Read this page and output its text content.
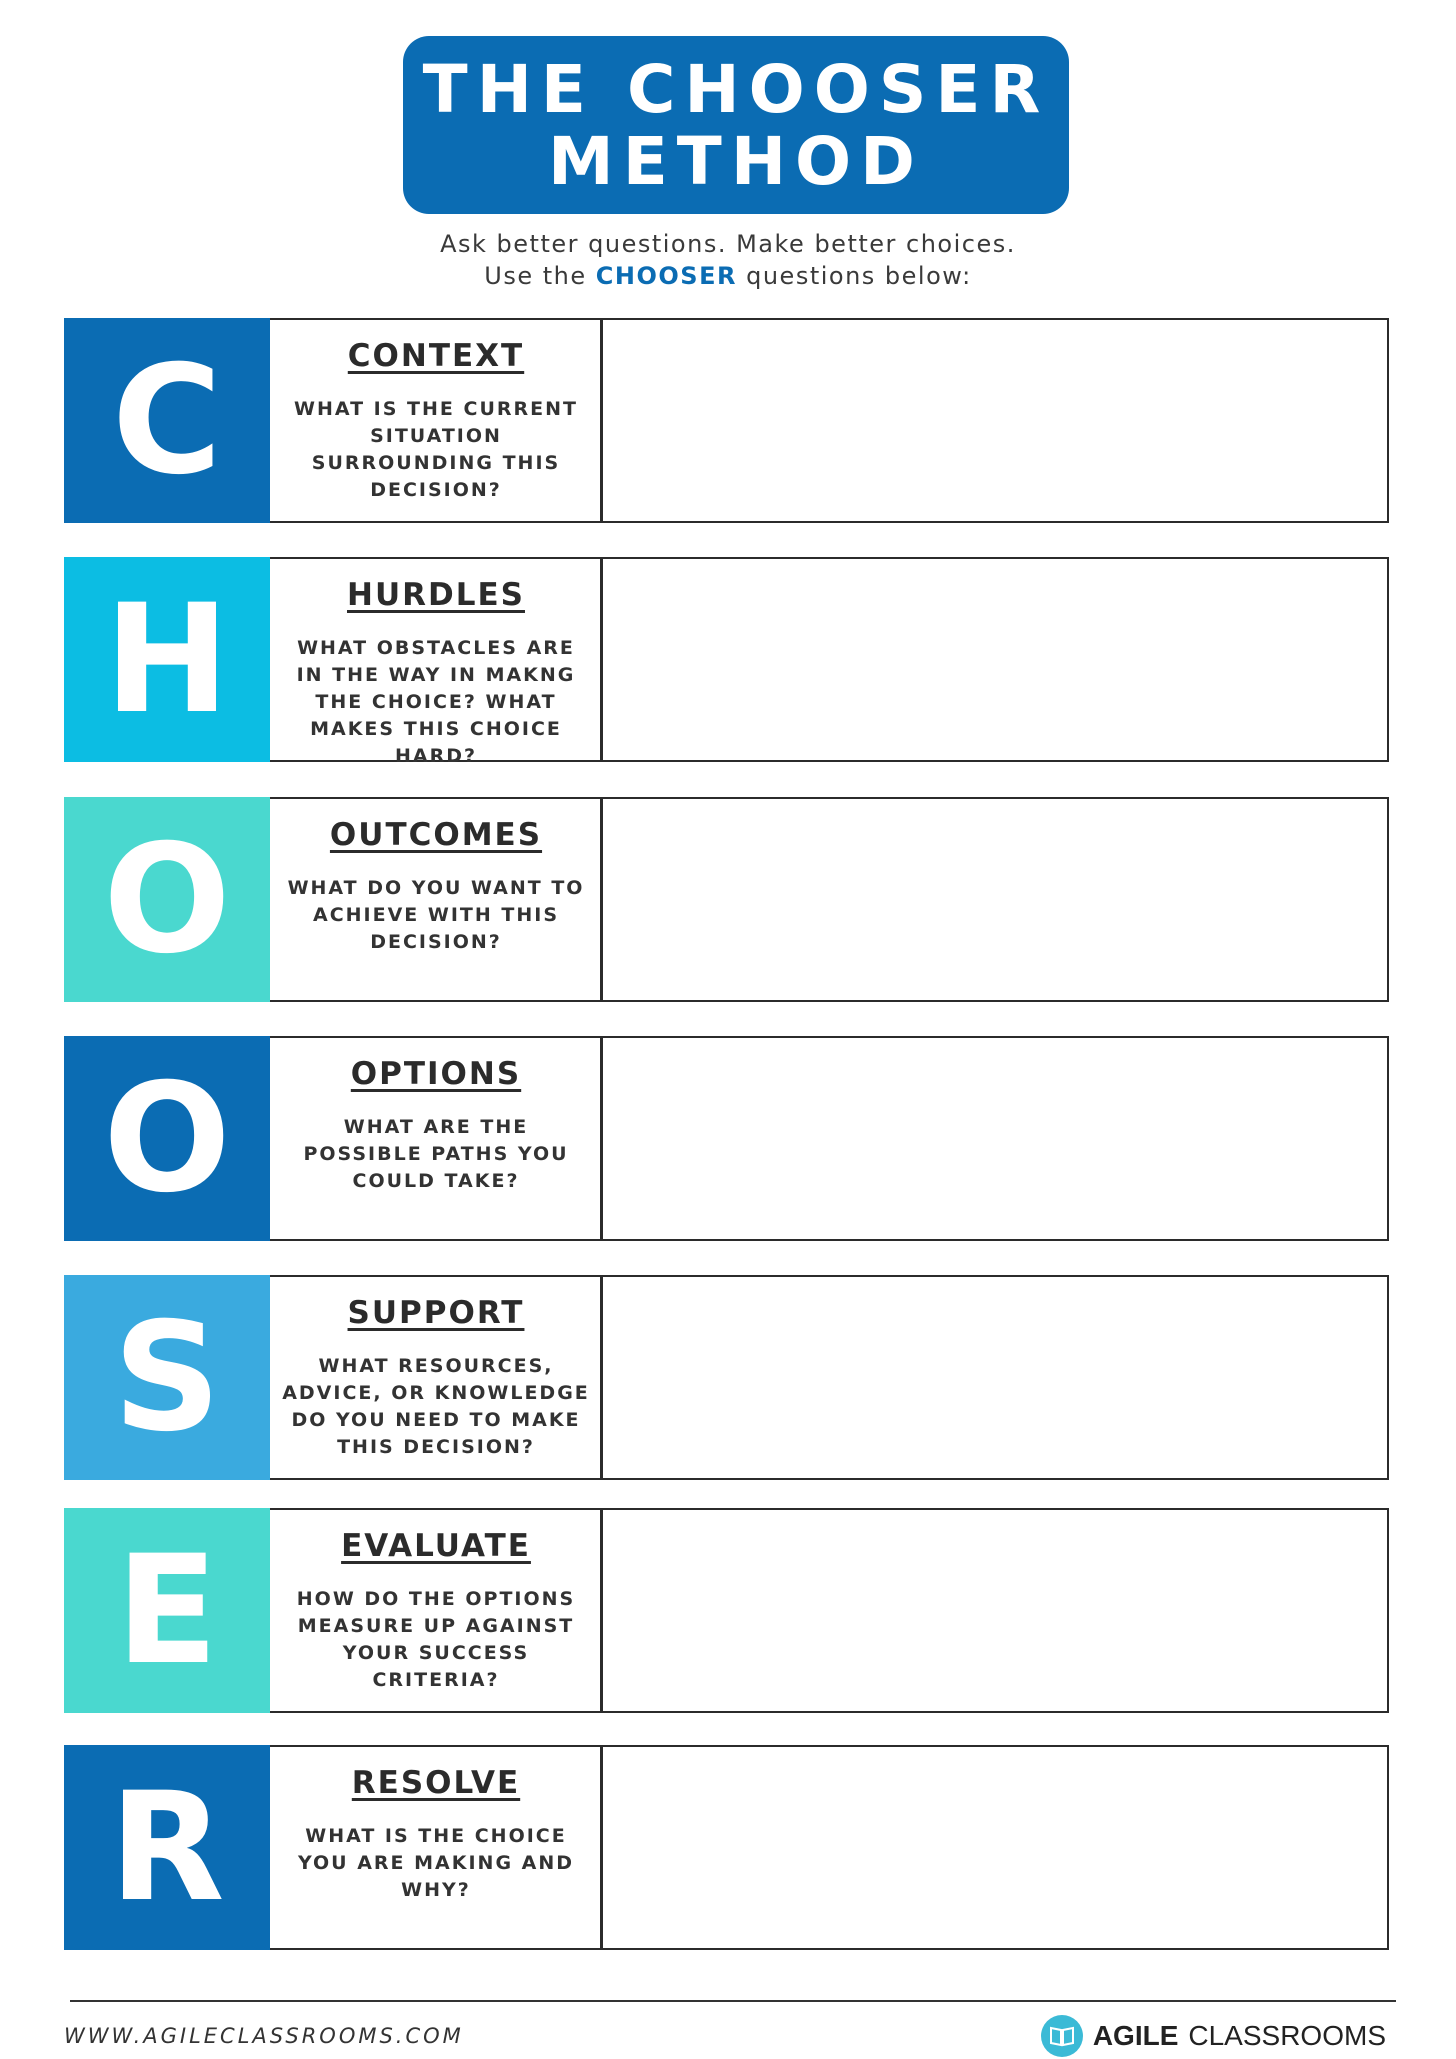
THE CHOOSER
METHOD
Ask better questions. Make better choices.
Use the CHOOSER questions below:
C	CONTEXT
WHAT IS THE CURRENT SITUATION SURROUNDING THIS DECISION?
H	HURDLES
WHAT OBSTACLES ARE IN THE WAY IN MAKNG THE CHOICE? WHAT MAKES THIS CHOICE HARD?
O	OUTCOMES
WHAT DO YOU WANT TO ACHIEVE WITH THIS DECISION?
O	OPTIONS
WHAT ARE THE POSSIBLE PATHS YOU COULD TAKE?
S	SUPPORT
WHAT RESOURCES, ADVICE, OR KNOWLEDGE DO YOU NEED TO MAKE THIS DECISION?
E	EVALUATE
HOW DO THE OPTIONS MEASURE UP AGAINST YOUR SUCCESS CRITERIA?
R	RESOLVE
WHAT IS THE CHOICE YOU ARE MAKING AND WHY?
WWW.AGILECLASSROOMS.COM	AGILE CLASSROOMS
